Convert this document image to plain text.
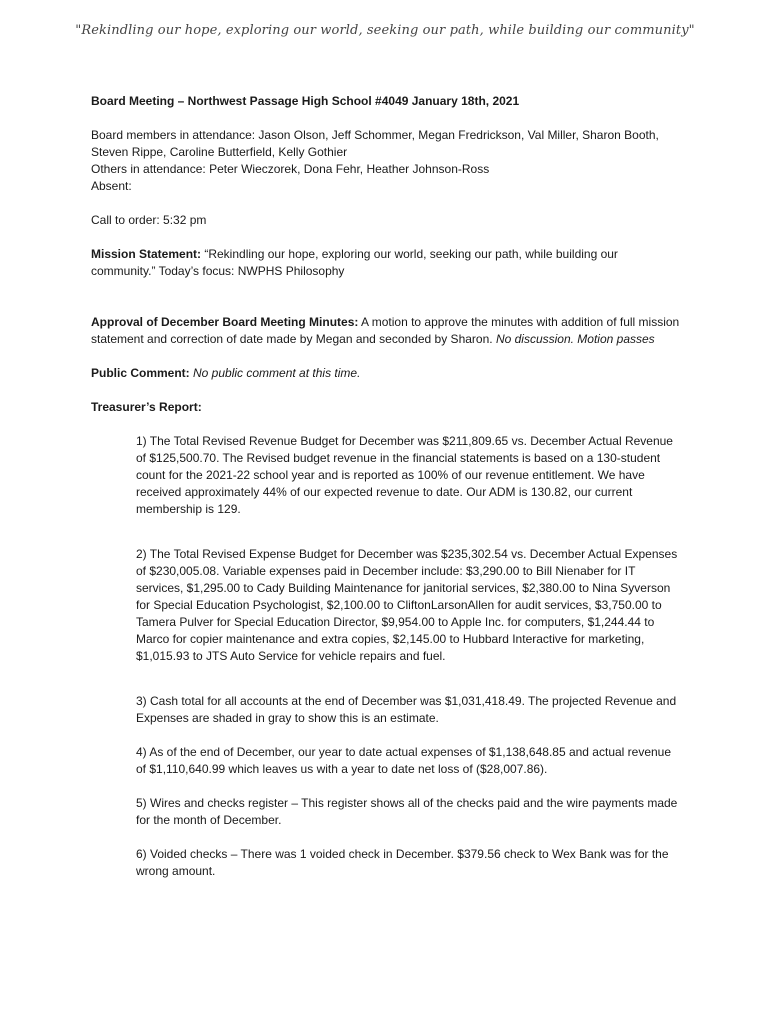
"Rekindling our hope, exploring our world, seeking our path, while building our community"
Board Meeting – Northwest Passage High School #4049 January 18th, 2021
Board members in attendance: Jason Olson, Jeff Schommer, Megan Fredrickson, Val Miller, Sharon Booth, Steven Rippe, Caroline Butterfield, Kelly Gothier
Others in attendance: Peter Wieczorek, Dona Fehr, Heather Johnson-Ross
Absent:
Call to order: 5:32 pm
Mission Statement: “Rekindling our hope, exploring our world, seeking our path, while building our community.” Today’s focus: NWPHS Philosophy
Approval of December Board Meeting Minutes: A motion to approve the minutes with addition of full mission statement and correction of date made by Megan and seconded by Sharon. No discussion. Motion passes
Public Comment: No public comment at this time.
Treasurer’s Report:
1) The Total Revised Revenue Budget for December was $211,809.65 vs. December Actual Revenue of $125,500.70. The Revised budget revenue in the financial statements is based on a 130-student count for the 2021-22 school year and is reported as 100% of our revenue entitlement. We have received approximately 44% of our expected revenue to date. Our ADM is 130.82, our current membership is 129.
2) The Total Revised Expense Budget for December was $235,302.54 vs. December Actual Expenses of $230,005.08. Variable expenses paid in December include: $3,290.00 to Bill Nienaber for IT services, $1,295.00 to Cady Building Maintenance for janitorial services, $2,380.00 to Nina Syverson for Special Education Psychologist, $2,100.00 to CliftonLarsonAllen for audit services, $3,750.00 to Tamera Pulver for Special Education Director, $9,954.00 to Apple Inc. for computers, $1,244.44 to Marco for copier maintenance and extra copies, $2,145.00 to Hubbard Interactive for marketing, $1,015.93 to JTS Auto Service for vehicle repairs and fuel.
3) Cash total for all accounts at the end of December was $1,031,418.49. The projected Revenue and Expenses are shaded in gray to show this is an estimate.
4) As of the end of December, our year to date actual expenses of $1,138,648.85 and actual revenue of $1,110,640.99 which leaves us with a year to date net loss of ($28,007.86).
5) Wires and checks register – This register shows all of the checks paid and the wire payments made for the month of December.
6) Voided checks – There was 1 voided check in December. $379.56 check to Wex Bank was for the wrong amount.
